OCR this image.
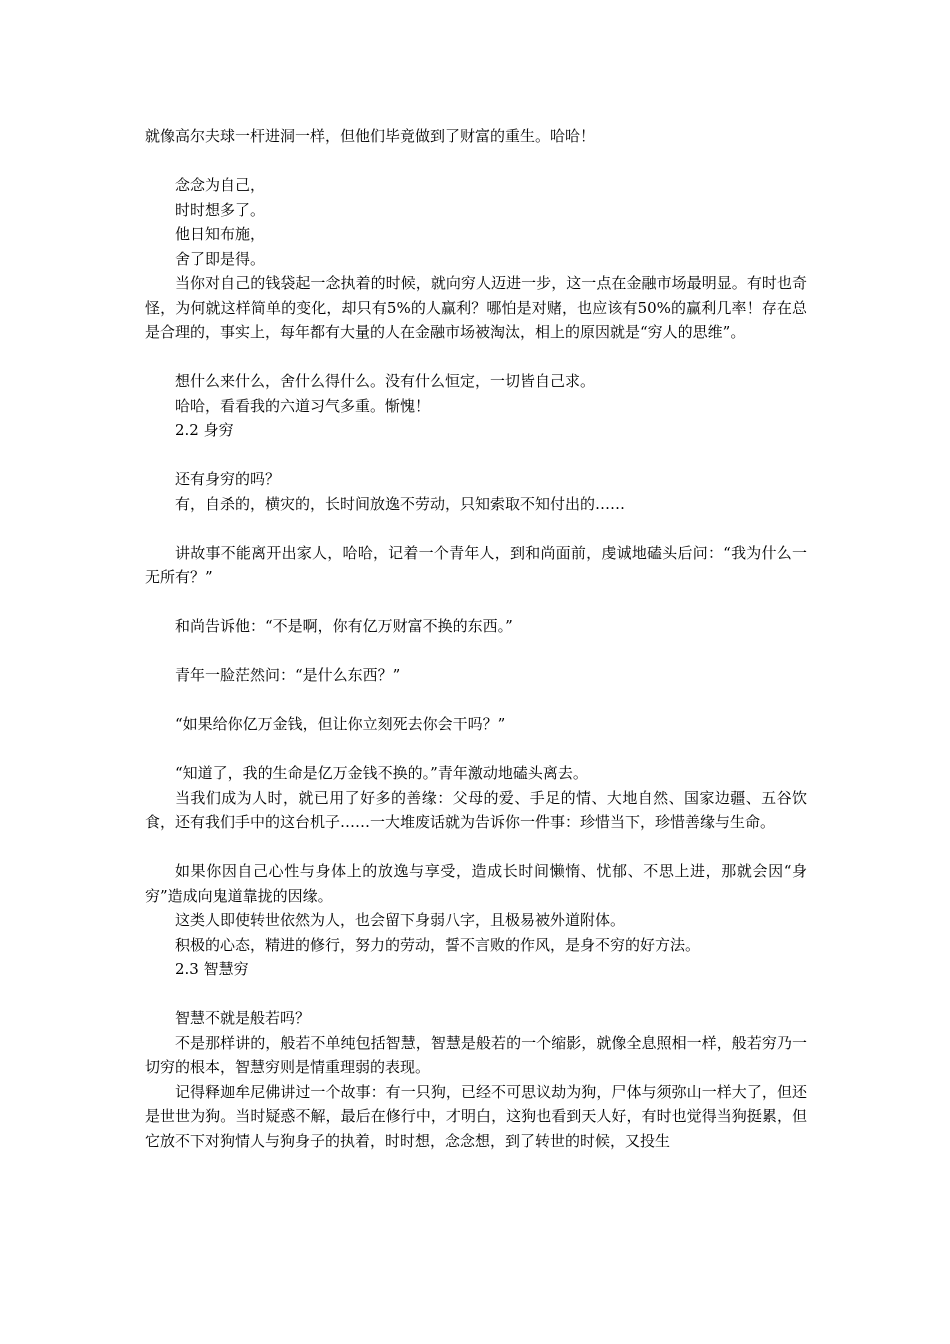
就像高尔夫球一杆进洞一样，但他们毕竟做到了财富的重生。哈哈！

念念为自己，

时时想多了。

他日知布施，

舍了即是得。

当你对自己的钱袋起一念执着的时候，就向穷人迈进一步，这一点在金融市场最明显。有时也奇怪，为何就这样简单的变化，却只有5%的人赢利？哪怕是对赌，也应该有50%的赢利几率！存在总是合理的，事实上，每年都有大量的人在金融市场被淘汰，相上的原因就是“穷人的思维”。

想什么来什么，舍什么得什么。没有什么恒定，一切皆自己求。

哈哈，看看我的六道习气多重。惭愧！

2.2 身穷

还有身穷的吗？

有，自杀的，横灾的，长时间放逸不劳动，只知索取不知付出的……

讲故事不能离开出家人，哈哈，记着一个青年人，到和尚面前，虔诚地磕头后问：“我为什么一无所有？”

和尚告诉他：“不是啊，你有亿万财富不换的东西。”

青年一脸茫然问：“是什么东西？”

“如果给你亿万金钱，但让你立刻死去你会干吗？”

“知道了，我的生命是亿万金钱不换的。”青年激动地磕头离去。

当我们成为人时，就已用了好多的善缘：父母的爱、手足的情、大地自然、国家边疆、五谷饮食，还有我们手中的这台机子……一大堆废话就为告诉你一件事：珍惜当下，珍惜善缘与生命。

如果你因自己心性与身体上的放逸与享受，造成长时间懒惰、忧郁、不思上进，那就会因“身穷”造成向鬼道靠拢的因缘。

这类人即使转世依然为人，也会留下身弱八字，且极易被外道附体。

积极的心态，精进的修行，努力的劳动，誓不言败的作风，是身不穷的好方法。

2.3 智慧穷

智慧不就是般若吗？

不是那样讲的，般若不单纯包括智慧，智慧是般若的一个缩影，就像全息照相一样，般若穷乃一切穷的根本，智慧穷则是情重理弱的表现。

记得释迦牟尼佛讲过一个故事：有一只狗，已经不可思议劫为狗，尸体与须弥山一样大了，但还是世世为狗。当时疑惑不解，最后在修行中，才明白，这狗也看到天人好，有时也觉得当狗挺累，但它放不下对狗情人与狗身子的执着，时时想，念念想，到了转世的时候，又投生
